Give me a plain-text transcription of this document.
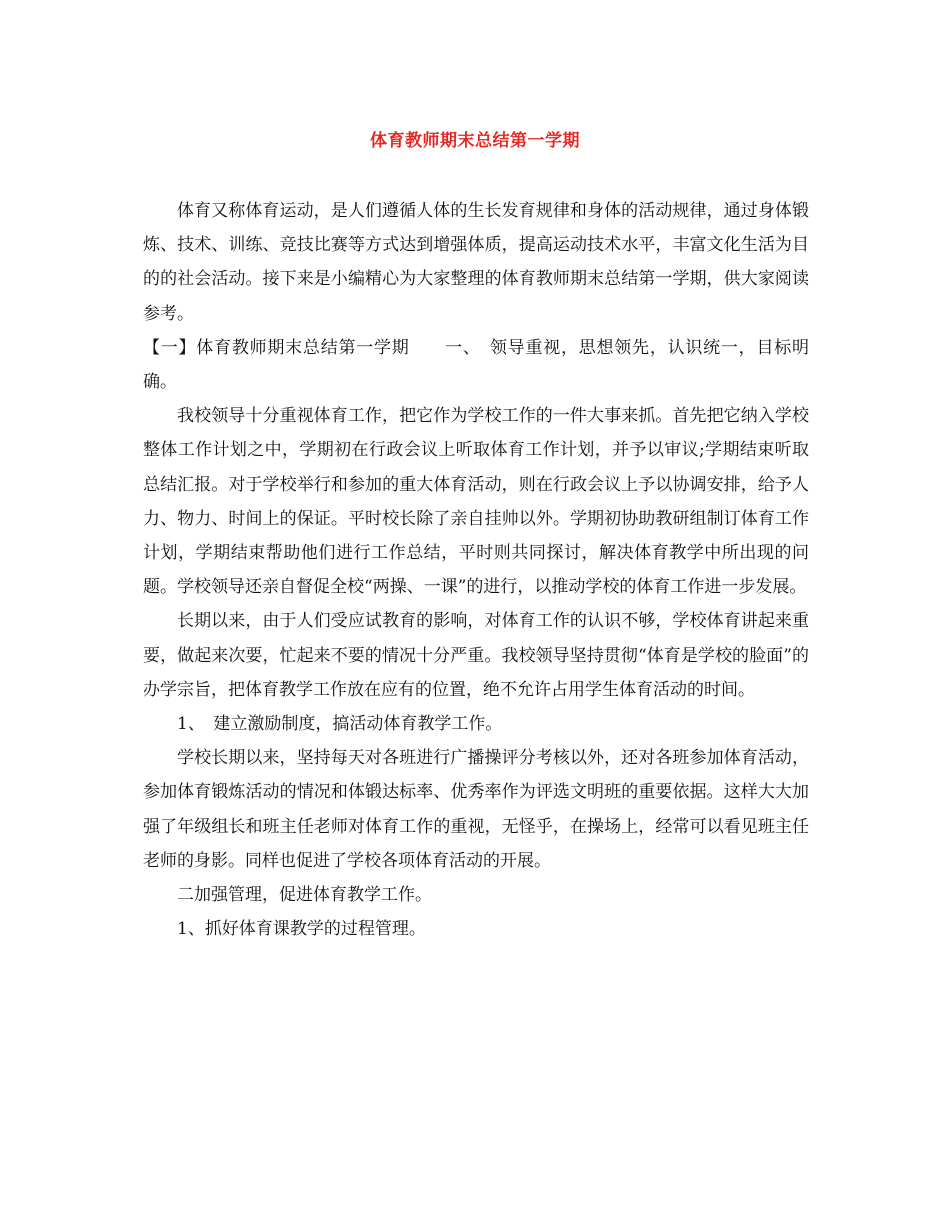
体育教师期末总结第一学期

体育又称体育运动，是人们遵循人体的生长发育规律和身体的活动规律，通过身体锻炼、技术、训练、竞技比赛等方式达到增强体质，提高运动技术水平，丰富文化生活为目的的社会活动。接下来是小编精心为大家整理的体育教师期末总结第一学期，供大家阅读参考。

【一】体育教师期末总结第一学期　　一、　领导重视，思想领先，认识统一，目标明确。

我校领导十分重视体育工作，把它作为学校工作的一件大事来抓。首先把它纳入学校整体工作计划之中，学期初在行政会议上听取体育工作计划，并予以审议;学期结束听取总结汇报。对于学校举行和参加的重大体育活动，则在行政会议上予以协调安排，给予人力、物力、时间上的保证。平时校长除了亲自挂帅以外。学期初协助教研组制订体育工作计划，学期结束帮助他们进行工作总结，平时则共同探讨，解决体育教学中所出现的问题。学校领导还亲自督促全校“两操、一课”的进行，以推动学校的体育工作进一步发展。

长期以来，由于人们受应试教育的影响，对体育工作的认识不够，学校体育讲起来重要，做起来次要，忙起来不要的情况十分严重。我校领导坚持贯彻“体育是学校的脸面”的办学宗旨，把体育教学工作放在应有的位置，绝不允许占用学生体育活动的时间。

1、　建立激励制度，搞活动体育教学工作。

学校长期以来，坚持每天对各班进行广播操评分考核以外，还对各班参加体育活动，参加体育锻炼活动的情况和体锻达标率、优秀率作为评选文明班的重要依据。这样大大加强了年级组长和班主任老师对体育工作的重视，无怪乎，在操场上，经常可以看见班主任老师的身影。同样也促进了学校各项体育活动的开展。

二加强管理，促进体育教学工作。

1、抓好体育课教学的过程管理。
